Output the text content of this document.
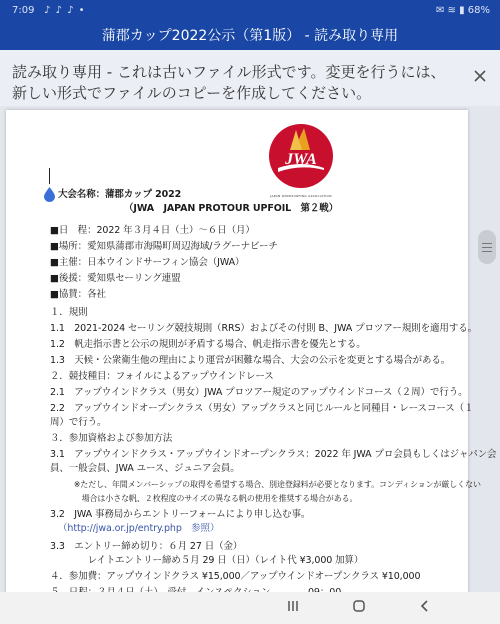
7:09 ♪ ♪ ♪ •	✉ ≋ ▮ 68%
蒲郡カップ2022公示（第1版） - 読み取り専用
読み取り専用 - これは古いファイル形式です。変更を行うには、新しい形式でファイルのコピーを作成してください。
JWA
JAPAN WINDSURFING ASSOCIATION
大会名称：蒲郡カップ 2022
（JWA　JAPAN PROTOUR UPFOIL　第２戦）
■日　程：2022 年３月４日（土）～６日（月）
■場所：愛知県蒲郡市海陽町周辺海域/ラグーナビーチ
■主催：日本ウインドサーフィン協会（JWA）
■後援：愛知県セーリング連盟
■協賛：各社
１．規則
1.1　2021-2024 セーリング競技規則（RRS）およびその付則 B、JWA プロツアー規則を適用する。
1.2　帆走指示書と公示の規則が矛盾する場合、帆走指示書を優先とする。
1.3　天候・公衆衛生他の理由により運営が困難な場合、大会の公示を変更とする場合がある。
２．競技種目：フォイルによるアップウインドレース
2.1　アップウインドクラス（男女）JWA プロツアー規定のアップウインドコース（２周）で行う。
2.2　アップウインドオープンクラス（男女）アップクラスと同じルールと同種目・レースコース（１
周）で行う。
３．参加資格および参加方法
3.1　アップウインドクラス・アップウインドオープンクラス：2022 年 JWA プロ会員もしくはジャパン会
員、一般会員、JWA ユース、ジュニア会員。
　　　※ただし、年間メンバーシップの取得を希望する場合、別途登録料が必要となります。コンディションが厳しくない
　　　　場合は小さな帆、２枚程度のサイズの異なる帆の使用を推奨する場合がある。
3.2　JWA 事務局からエントリーフォームにより申し込む事。
（http://jwa.or.jp/entry.php　参照）
3.3　エントリー締め切り：６月 27 日（金）
　　　　レイトエントリー締め５月 29 日（日）（レイト代 ¥3,000 加算）
４．参加費：アップウインドクラス ¥15,000／アップウインドオープンクラス ¥10,000
